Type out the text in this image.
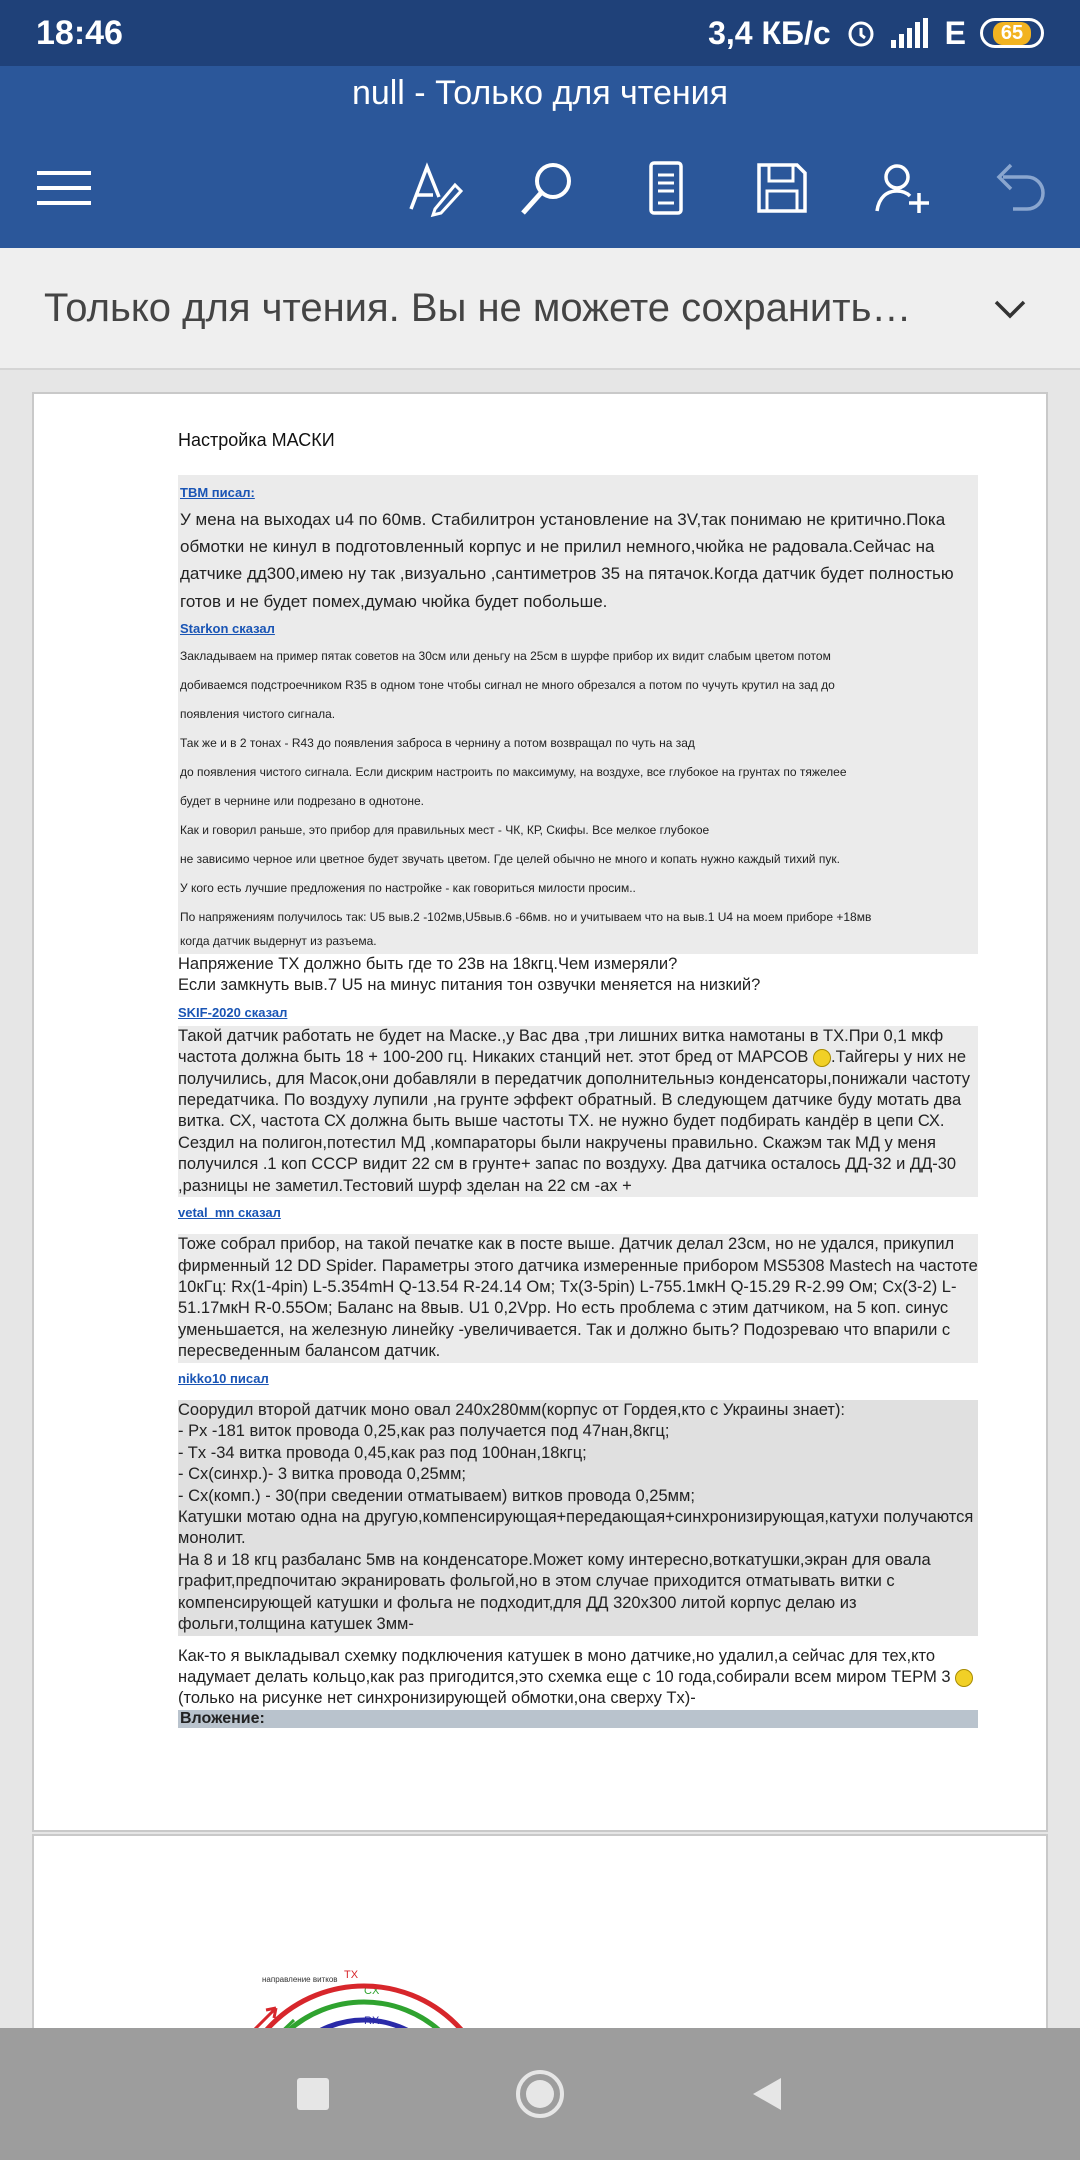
18:46	3,4 КБ/с	E	65
null - Только для чтения
Только для чтения. Вы не можете сохранить…
Настройка МАСКИ
TBM писал:
У мена на выходах u4 по 60мв. Стабилитрон установление на 3V,так понимаю не критично.Пока обмотки не кинул в подготовленный корпус и не прилил немного,чюйка не радовала.Сейчас на датчике дд300,имею ну так ,визуально ,сантиметров 35 на пятачок.Когда датчик будет полностью готов и не будет помех,думаю чюйка будет побольше.
Starkon сказал
Закладываем на пример пятак советов на 30см или деньгу на 25см в шурфе прибор их видит слабым цветом потом
добиваемся подстроечником R35 в одном тоне чтобы сигнал не много обрезался а потом по чучуть крутил на зад до
появления чистого сигнала.
Так же и в 2 тонах - R43 до появления заброса в чернину а потом возвращал по чуть на зад
до появления чистого сигнала. Если дискрим настроить по максимуму, на воздухе, все глубокое на грунтах по тяжелее
будет в чернине или подрезано в однотоне.
Как и говорил раньше, это прибор для правильных мест - ЧК, КР, Скифы. Все мелкое глубокое
не зависимо черное или цветное будет звучать цветом. Где целей обычно не много и копать нужно каждый тихий пук.
У кого есть лучшие предложения по настройке - как говориться милости просим..
По напряжениям получилось так: U5 выв.2 -102мв,U5выв.6 -66мв. но и учитываем что на выв.1 U4 на моем приборе +18мв
когда датчик выдернут из разъема.
Напряжение TX должно быть где то 23в на 18кгц.Чем измеряли?
Если замкнуть выв.7 U5 на минус питания тон озвучки меняется на низкий?
SKIF-2020 сказал
Такой датчик работать не будет на Маске.,у Вас два ,три лишних витка намотаны в TX.При 0,1 мкф частота должна быть 18 + 100-200 гц. Никаких станций нет. этот бред от МАРСОВ .Тайгеры у них не получились, для Масок,они добавляли в передатчик дополнительныэ конденсаторы,понижали частоту передатчика. По воздуху лупили ,на грунте эффект обратный. В следующем датчике буду мотать два витка. СХ, частота СХ должна быть выше частоты ТХ. не нужно будет подбирать кандёр в цепи СХ. Сездил на полигон,потестил МД ,компараторы были накручены правильно. Скажэм так МД у меня получился .1 коп СССР видит 22 см в грунте+ запас по воздуху. Два датчика осталось ДД-32 и ДД-30 ,разницы не заметил.Тестовий шурф зделан на 22 см -ах +
vetal_mn сказал
Тоже собрал прибор, на такой печатке как в посте выше. Датчик делал 23см, но не удался, прикупил фирменный 12 DD Spider. Параметры этого датчика измеренные прибором MS5308 Mastech на частоте 10кГц: Rx(1-4pin) L-5.354mH Q-13.54 R-24.14 Ом; Tx(3-5pin) L-755.1мкН Q-15.29 R-2.99 Ом; Cx(3-2) L-51.17мкН R-0.55Ом; Баланс на 8выв. U1 0,2Vpp. Но есть проблема с этим датчиком, на 5 коп. синус уменьшается, на железную линейку -увеличивается. Так и должно быть? Подозреваю что впарили с пересведенным балансом датчик.
nikko10 писал
Соорудил второй датчик моно овал 240х280мм(корпус от Гордея,кто с Украины знает):
- Px -181 виток провода 0,25,как раз получается под 47нан,8кгц;
- Tx -34 витка провода 0,45,как раз под 100нан,18кгц;
- Cx(синхр.)- 3 витка провода 0,25мм;
- Cx(комп.) - 30(при сведении отматываем) витков провода 0,25мм;
Катушки мотаю одна на другую,компенсирующая+передающая+синхронизирующая,катухи получаются монолит.
На 8 и 18 кгц разбаланс 5мв на конденсаторе.Может кому интересно,воткатушки,экран для овала графит,предпочитаю экранировать фольгой,но в этом случае приходится отматывать витки с компенсирующей катушки и фольга не подходит,для ДД 320х300 литой корпус делаю из фольги,толщина катушек 3мм-
Как-то я выкладывал схемку подключения катушек в моно датчике,но удалил,а сейчас для тех,кто надумает делать кольцо,как раз пригодится,это схемка еще с 10 года,собирали всем миром TEPM 3  (только на рисунке нет синхронизирующей обмотки,она сверху Tx)-
Вложение:
направление витков TX
CX
RX
